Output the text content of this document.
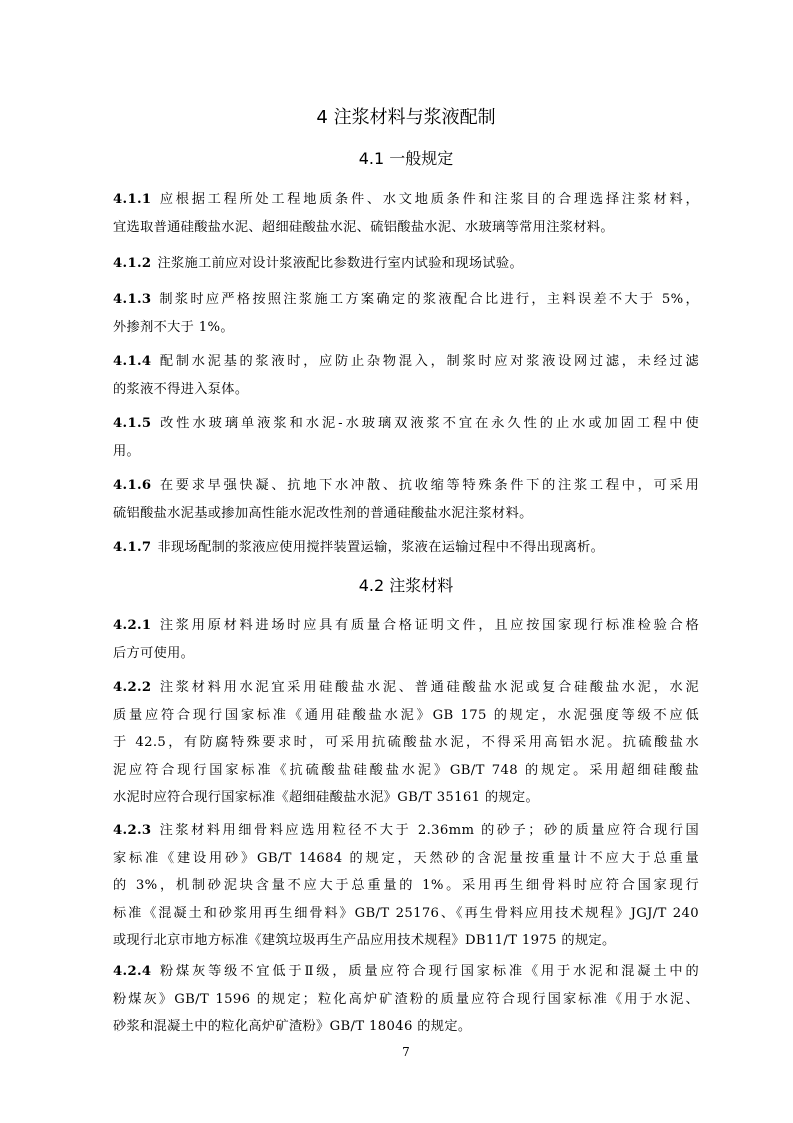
4 注浆材料与浆液配制
4.1 一般规定
4.1.1 应根据工程所处工程地质条件、水文地质条件和注浆目的合理选择注浆材料，
宜选取普通硅酸盐水泥、超细硅酸盐水泥、硫铝酸盐水泥、水玻璃等常用注浆材料。
4.1.2 注浆施工前应对设计浆液配比参数进行室内试验和现场试验。
4.1.3 制浆时应严格按照注浆施工方案确定的浆液配合比进行，主料误差不大于 5%，
外掺剂不大于 1%。
4.1.4 配制水泥基的浆液时，应防止杂物混入，制浆时应对浆液设网过滤，未经过滤
的浆液不得进入泵体。
4.1.5 改性水玻璃单液浆和水泥-水玻璃双液浆不宜在永久性的止水或加固工程中使
用。
4.1.6 在要求早强快凝、抗地下水冲散、抗收缩等特殊条件下的注浆工程中，可采用
硫铝酸盐水泥基或掺加高性能水泥改性剂的普通硅酸盐水泥注浆材料。
4.1.7 非现场配制的浆液应使用搅拌装置运输，浆液在运输过程中不得出现离析。
4.2 注浆材料
4.2.1 注浆用原材料进场时应具有质量合格证明文件，且应按国家现行标准检验合格
后方可使用。
4.2.2 注浆材料用水泥宜采用硅酸盐水泥、普通硅酸盐水泥或复合硅酸盐水泥，水泥
质量应符合现行国家标准《通用硅酸盐水泥》GB 175 的规定，水泥强度等级不应低
于 42.5，有防腐特殊要求时，可采用抗硫酸盐水泥，不得采用高铝水泥。抗硫酸盐水
泥应符合现行国家标准《抗硫酸盐硅酸盐水泥》GB/T 748 的规定。采用超细硅酸盐
水泥时应符合现行国家标准《超细硅酸盐水泥》GB/T 35161 的规定。
4.2.3 注浆材料用细骨料应选用粒径不大于 2.36mm 的砂子；砂的质量应符合现行国
家标准《建设用砂》GB/T 14684 的规定，天然砂的含泥量按重量计不应大于总重量
的 3%，机制砂泥块含量不应大于总重量的 1%。采用再生细骨料时应符合国家现行
标准《混凝土和砂浆用再生细骨料》GB/T 25176、《再生骨料应用技术规程》JGJ/T 240
或现行北京市地方标准《建筑垃圾再生产品应用技术规程》DB11/T 1975 的规定。
4.2.4 粉煤灰等级不宜低于Ⅱ级，质量应符合现行国家标准《用于水泥和混凝土中的
粉煤灰》GB/T 1596 的规定；粒化高炉矿渣粉的质量应符合现行国家标准《用于水泥、
砂浆和混凝土中的粒化高炉矿渣粉》GB/T 18046 的规定。
7
